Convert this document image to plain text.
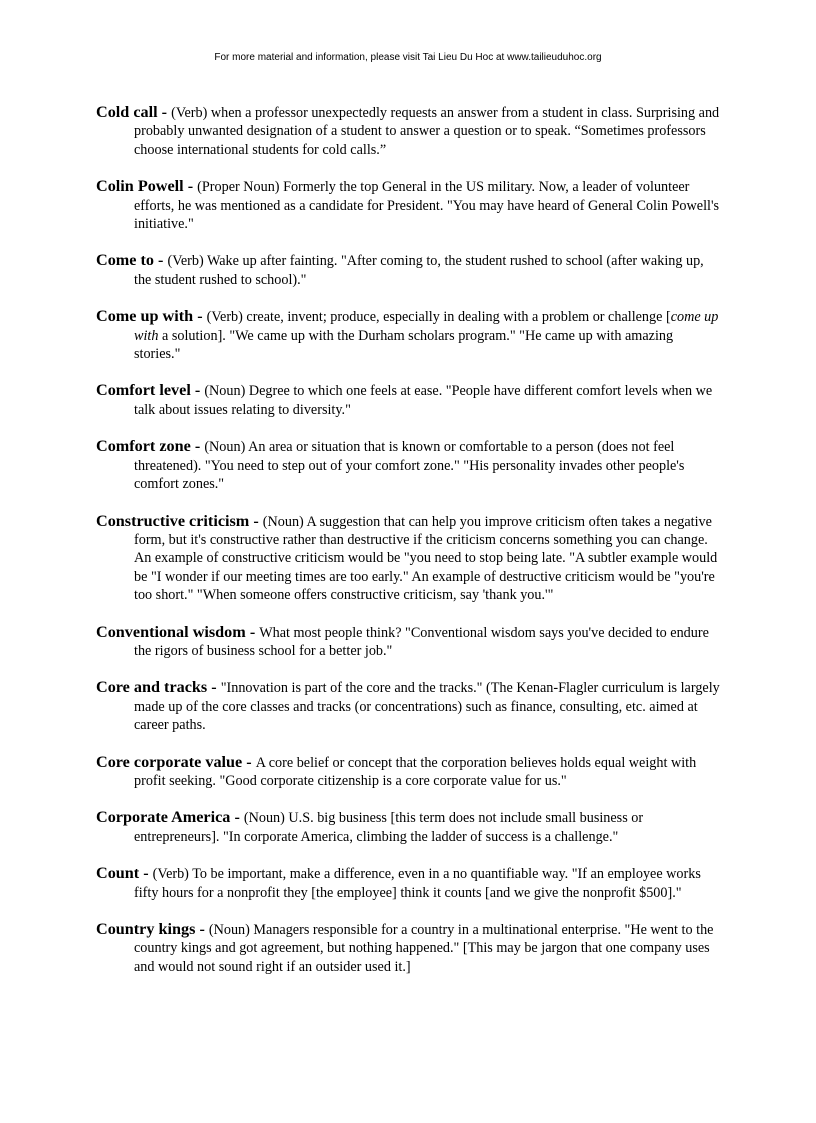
For more material and information, please visit Tai Lieu Du Hoc at www.tailieuduhoc.org

Cold call - (Verb) when a professor unexpectedly requests an answer from a student in class. Surprising and probably unwanted designation of a student to answer a question or to speak. “Sometimes professors choose international students for cold calls.”

Colin Powell - (Proper Noun) Formerly the top General in the US military. Now, a leader of volunteer efforts, he was mentioned as a candidate for President. "You may have heard of General Colin Powell's initiative."

Come to - (Verb) Wake up after fainting. "After coming to, the student rushed to school (after waking up, the student rushed to school)."

Come up with - (Verb) create, invent; produce, especially in dealing with a problem or challenge [come up with a solution]. "We came up with the Durham scholars program." "He came up with amazing stories."

Comfort level - (Noun) Degree to which one feels at ease. "People have different comfort levels when we talk about issues relating to diversity."

Comfort zone - (Noun) An area or situation that is known or comfortable to a person (does not feel threatened). "You need to step out of your comfort zone." "His personality invades other people's comfort zones."

Constructive criticism - (Noun) A suggestion that can help you improve criticism often takes a negative form, but it's constructive rather than destructive if the criticism concerns something you can change. An example of constructive criticism would be "you need to stop being late. "A subtler example would be "I wonder if our meeting times are too early." An example of destructive criticism would be "you're too short." "When someone offers constructive criticism, say 'thank you.'"

Conventional wisdom - What most people think? "Conventional wisdom says you've decided to endure the rigors of business school for a better job."

Core and tracks - "Innovation is part of the core and the tracks." (The Kenan-Flagler curriculum is largely made up of the core classes and tracks (or concentrations) such as finance, consulting, etc. aimed at career paths.

Core corporate value - A core belief or concept that the corporation believes holds equal weight with profit seeking. "Good corporate citizenship is a core corporate value for us."

Corporate America - (Noun) U.S. big business [this term does not include small business or entrepreneurs]. "In corporate America, climbing the ladder of success is a challenge."

Count - (Verb) To be important, make a difference, even in a no quantifiable way. "If an employee works fifty hours for a nonprofit they [the employee] think it counts [and we give the nonprofit $500]."

Country kings - (Noun) Managers responsible for a country in a multinational enterprise. "He went to the country kings and got agreement, but nothing happened." [This may be jargon that one company uses and would not sound right if an outsider used it.]
